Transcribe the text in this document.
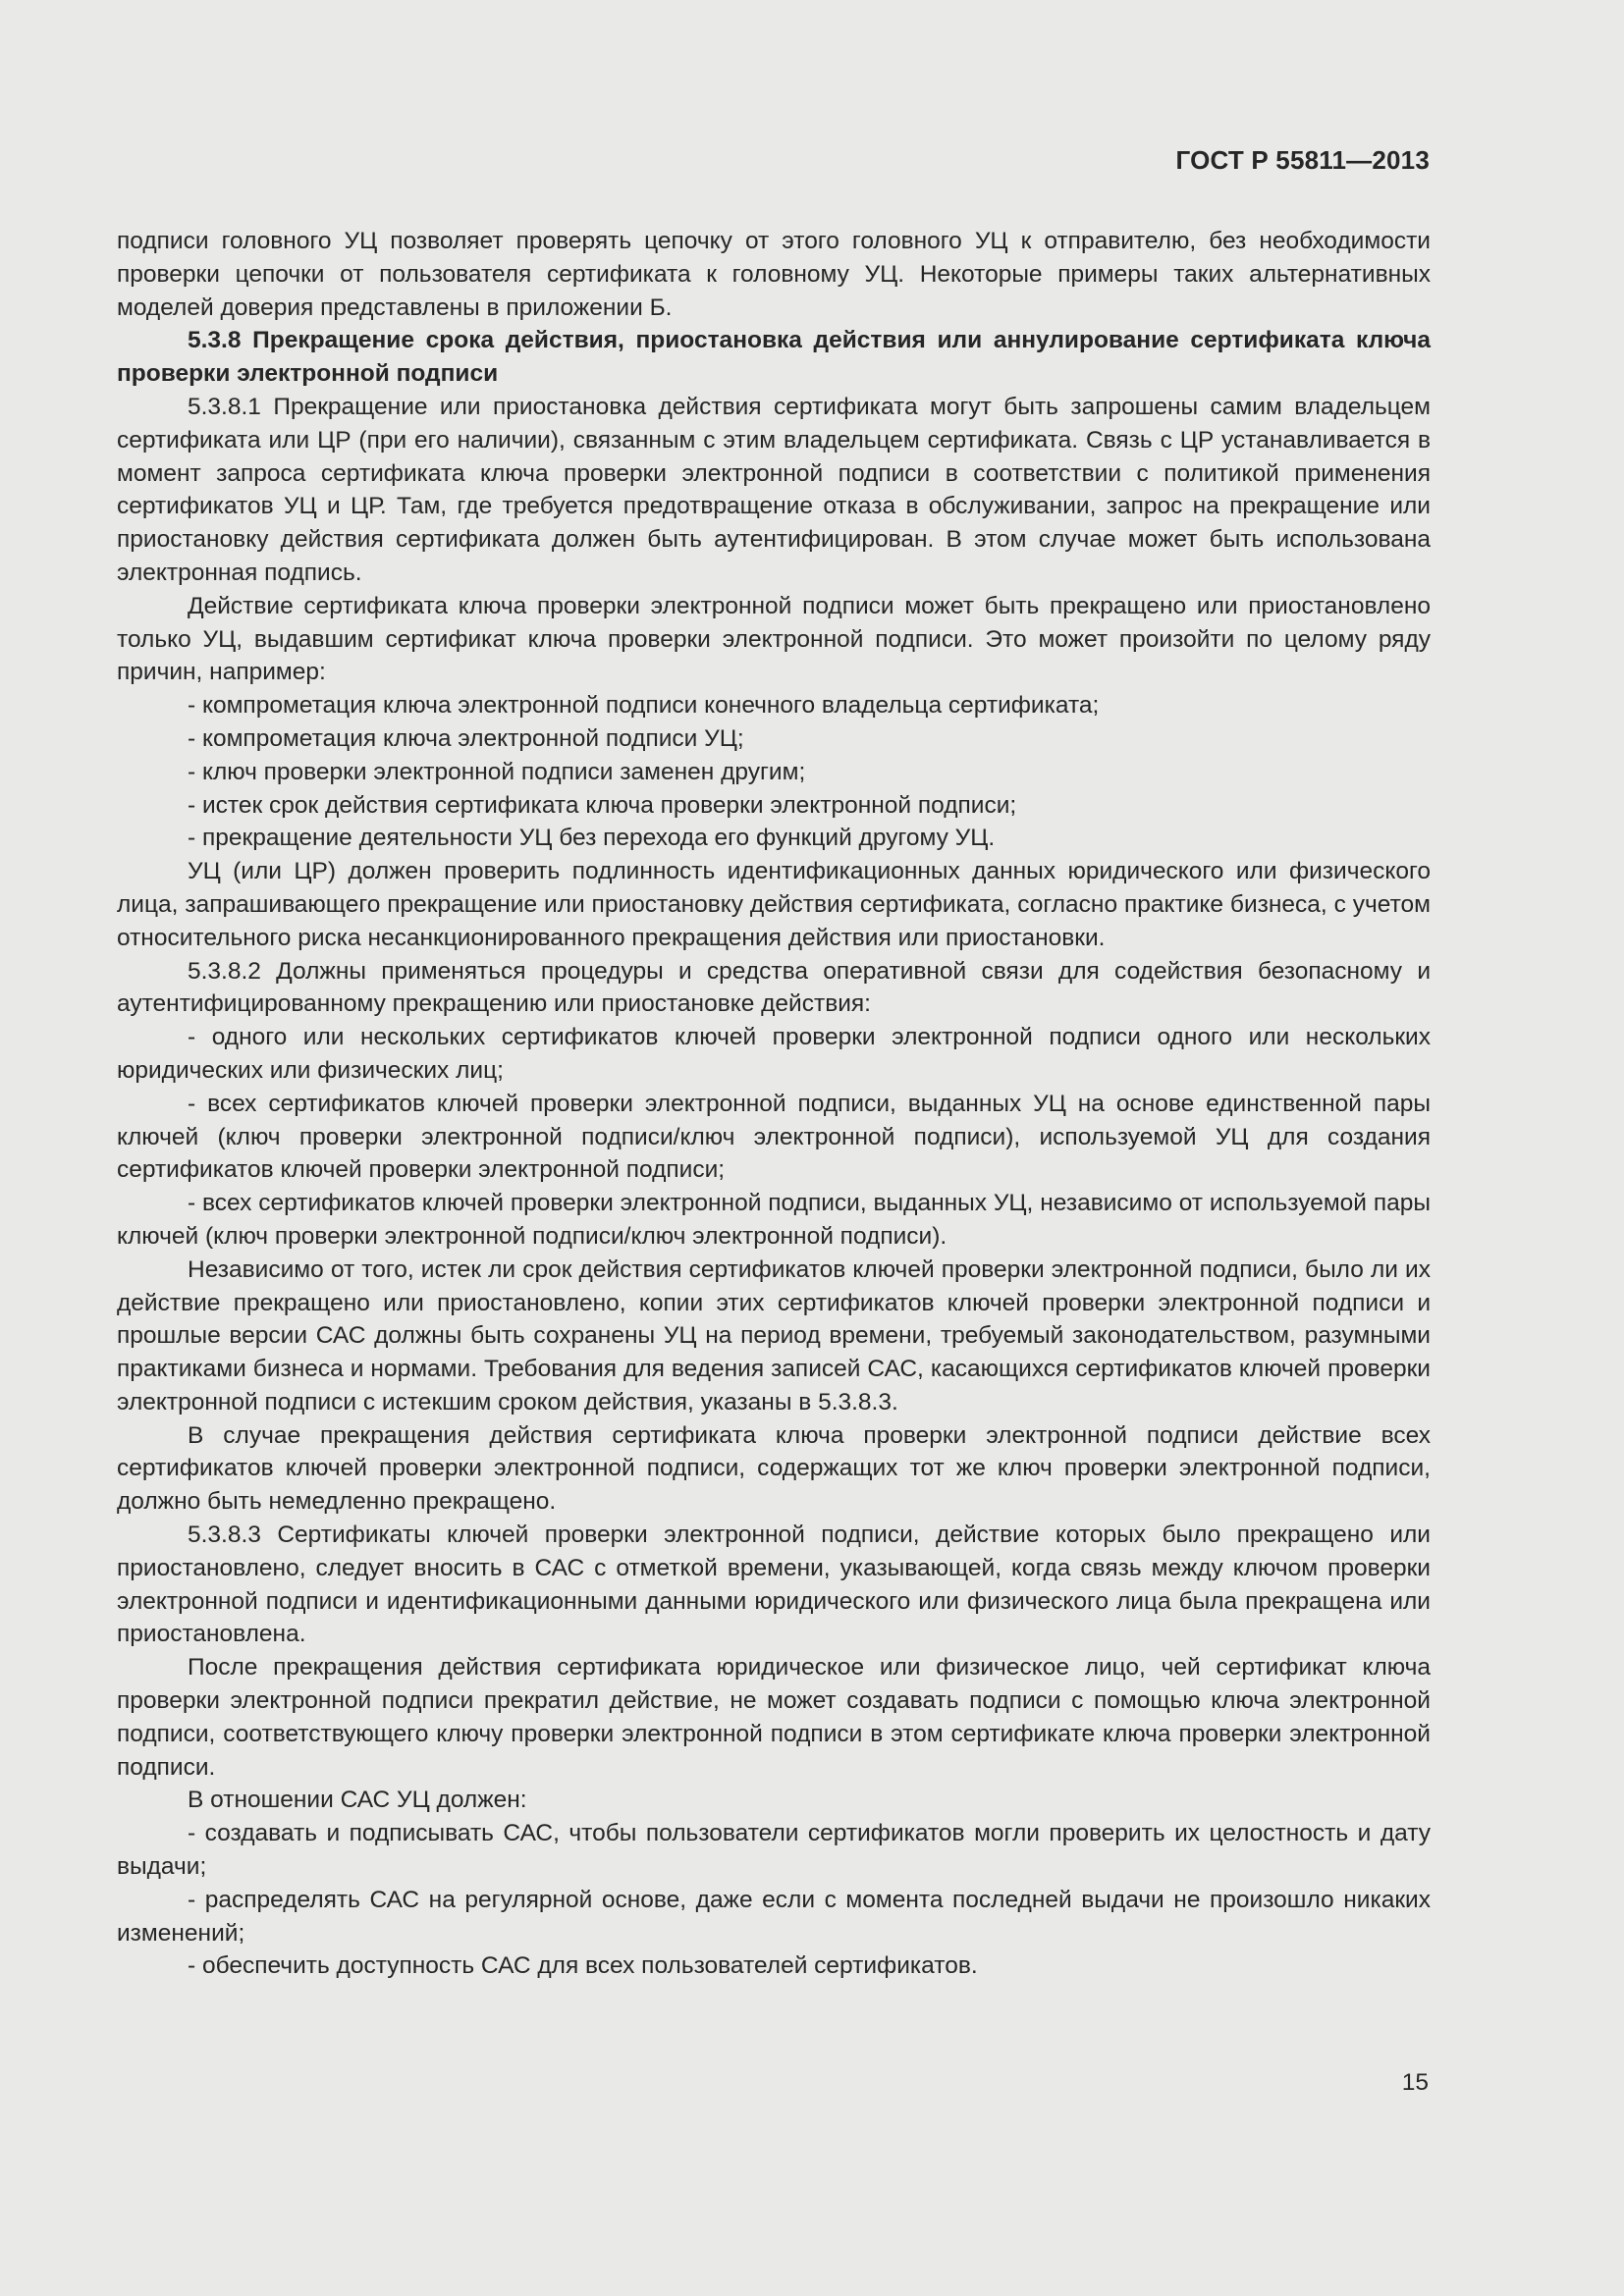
ГОСТ Р 55811—2013

подписи головного УЦ позволяет проверять цепочку от этого головного УЦ к отправителю, без необходимости проверки цепочки от пользователя сертификата к головному УЦ. Некоторые примеры таких альтернативных моделей доверия представлены в приложении Б.

5.3.8 Прекращение срока действия, приостановка действия или аннулирование сертификата ключа проверки электронной подписи

5.3.8.1 Прекращение или приостановка действия сертификата могут быть запрошены самим владельцем сертификата или ЦР (при его наличии), связанным с этим владельцем сертификата. Связь с ЦР устанавливается в момент запроса сертификата ключа проверки электронной подписи в соответствии с политикой применения сертификатов УЦ и ЦР. Там, где требуется предотвращение отказа в обслуживании, запрос на прекращение или приостановку действия сертификата должен быть аутентифицирован. В этом случае может быть использована электронная подпись.

Действие сертификата ключа проверки электронной подписи может быть прекращено или приостановлено только УЦ, выдавшим сертификат ключа проверки электронной подписи. Это может произойти по целому ряду причин, например:

- компрометация ключа электронной подписи конечного владельца сертификата;

- компрометация ключа электронной подписи УЦ;

- ключ проверки электронной подписи заменен другим;

- истек срок действия сертификата ключа проверки электронной подписи;

- прекращение деятельности УЦ без перехода его функций другому УЦ.

УЦ (или ЦР) должен проверить подлинность идентификационных данных юридического или физического лица, запрашивающего прекращение или приостановку действия сертификата, согласно практике бизнеса, с учетом относительного риска несанкционированного прекращения действия или приостановки.

5.3.8.2 Должны применяться процедуры и средства оперативной связи для содействия безопасному и аутентифицированному прекращению или приостановке действия:

- одного или нескольких сертификатов ключей проверки электронной подписи одного или нескольких юридических или физических лиц;

- всех сертификатов ключей проверки электронной подписи, выданных УЦ на основе единственной пары ключей (ключ проверки электронной подписи/ключ электронной подписи), используемой УЦ для создания сертификатов ключей проверки электронной подписи;

- всех сертификатов ключей проверки электронной подписи, выданных УЦ, независимо от используемой пары ключей (ключ проверки электронной подписи/ключ электронной подписи).

Независимо от того, истек ли срок действия сертификатов ключей проверки электронной подписи, было ли их действие прекращено или приостановлено, копии этих сертификатов ключей проверки электронной подписи и прошлые версии САС должны быть сохранены УЦ на период времени, требуемый законодательством, разумными практиками бизнеса и нормами. Требования для ведения записей САС, касающихся сертификатов ключей проверки электронной подписи с истекшим сроком действия, указаны в 5.3.8.3.

В случае прекращения действия сертификата ключа проверки электронной подписи действие всех сертификатов ключей проверки электронной подписи, содержащих тот же ключ проверки электронной подписи, должно быть немедленно прекращено.

5.3.8.3 Сертификаты ключей проверки электронной подписи, действие которых было прекращено или приостановлено, следует вносить в САС с отметкой времени, указывающей, когда связь между ключом проверки электронной подписи и идентификационными данными юридического или физического лица была прекращена или приостановлена.

После прекращения действия сертификата юридическое или физическое лицо, чей сертификат ключа проверки электронной подписи прекратил действие, не может создавать подписи с помощью ключа электронной подписи, соответствующего ключу проверки электронной подписи в этом сертификате ключа проверки электронной подписи.

В отношении САС УЦ должен:

- создавать и подписывать САС, чтобы пользователи сертификатов могли проверить их целостность и дату выдачи;

- распределять САС на регулярной основе, даже если с момента последней выдачи не произошло никаких изменений;

- обеспечить доступность САС для всех пользователей сертификатов.

15
